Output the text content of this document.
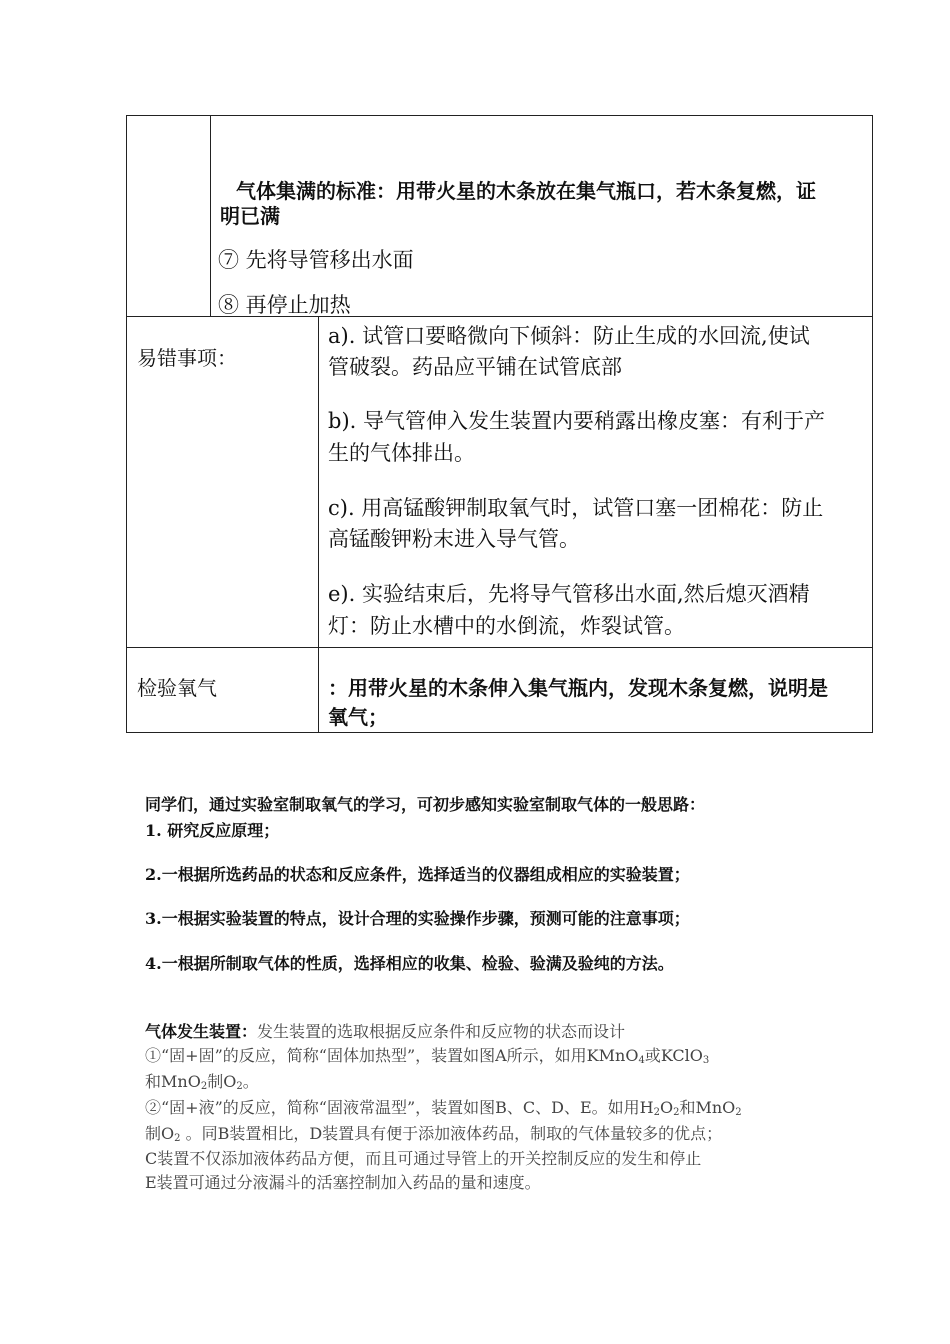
气体集满的标准：用带火星的木条放在集气瓶口，若木条复燃，证
明已满
⑦ 先将导管移出水面
⑧ 再停止加热
易错事项：
a). 试管口要略微向下倾斜：防止生成的水回流,使试
管破裂。药品应平铺在试管底部
b). 导气管伸入发生装置内要稍露出橡皮塞：有利于产
生的气体排出。
c). 用高锰酸钾制取氧气时，试管口塞一团棉花：防止
高锰酸钾粉末进入导气管。
e). 实验结束后，先将导气管移出水面,然后熄灭酒精
灯：防止水槽中的水倒流，炸裂试管。
检验氧气	：用带火星的木条伸入集气瓶内，发现木条复燃，说明是
氧气；
同学们，通过实验室制取氧气的学习，可初步感知实验室制取气体的一般思路：
1. 研究反应原理；
2.一根据所选药品的状态和反应条件，选择适当的仪器组成相应的实验装置；
3.一根据实验装置的特点，设计合理的实验操作步骤，预测可能的注意事项；
4.一根据所制取气体的性质，选择相应的收集、检验、验满及验纯的方法。
气体发生装置：发生装置的选取根据反应条件和反应物的状态而设计
①“固+固”的反应，简称“固体加热型”，装置如图A所示，如用KMnO$_4$或KClO$_3$
和MnO$_2$制$O_2$。
②“固+液”的反应，简称“固液常温型”，装置如图B、C、D、E。如用$H_2O_2$和MnO$_2$
制$O_2$ 。同B装置相比，D装置具有便于添加液体药品，制取的气体量较多的优点；
C装置不仅添加液体药品方便，而且可通过导管上的开关控制反应的发生和停止
E装置可通过分液漏斗的活塞控制加入药品的量和速度。
